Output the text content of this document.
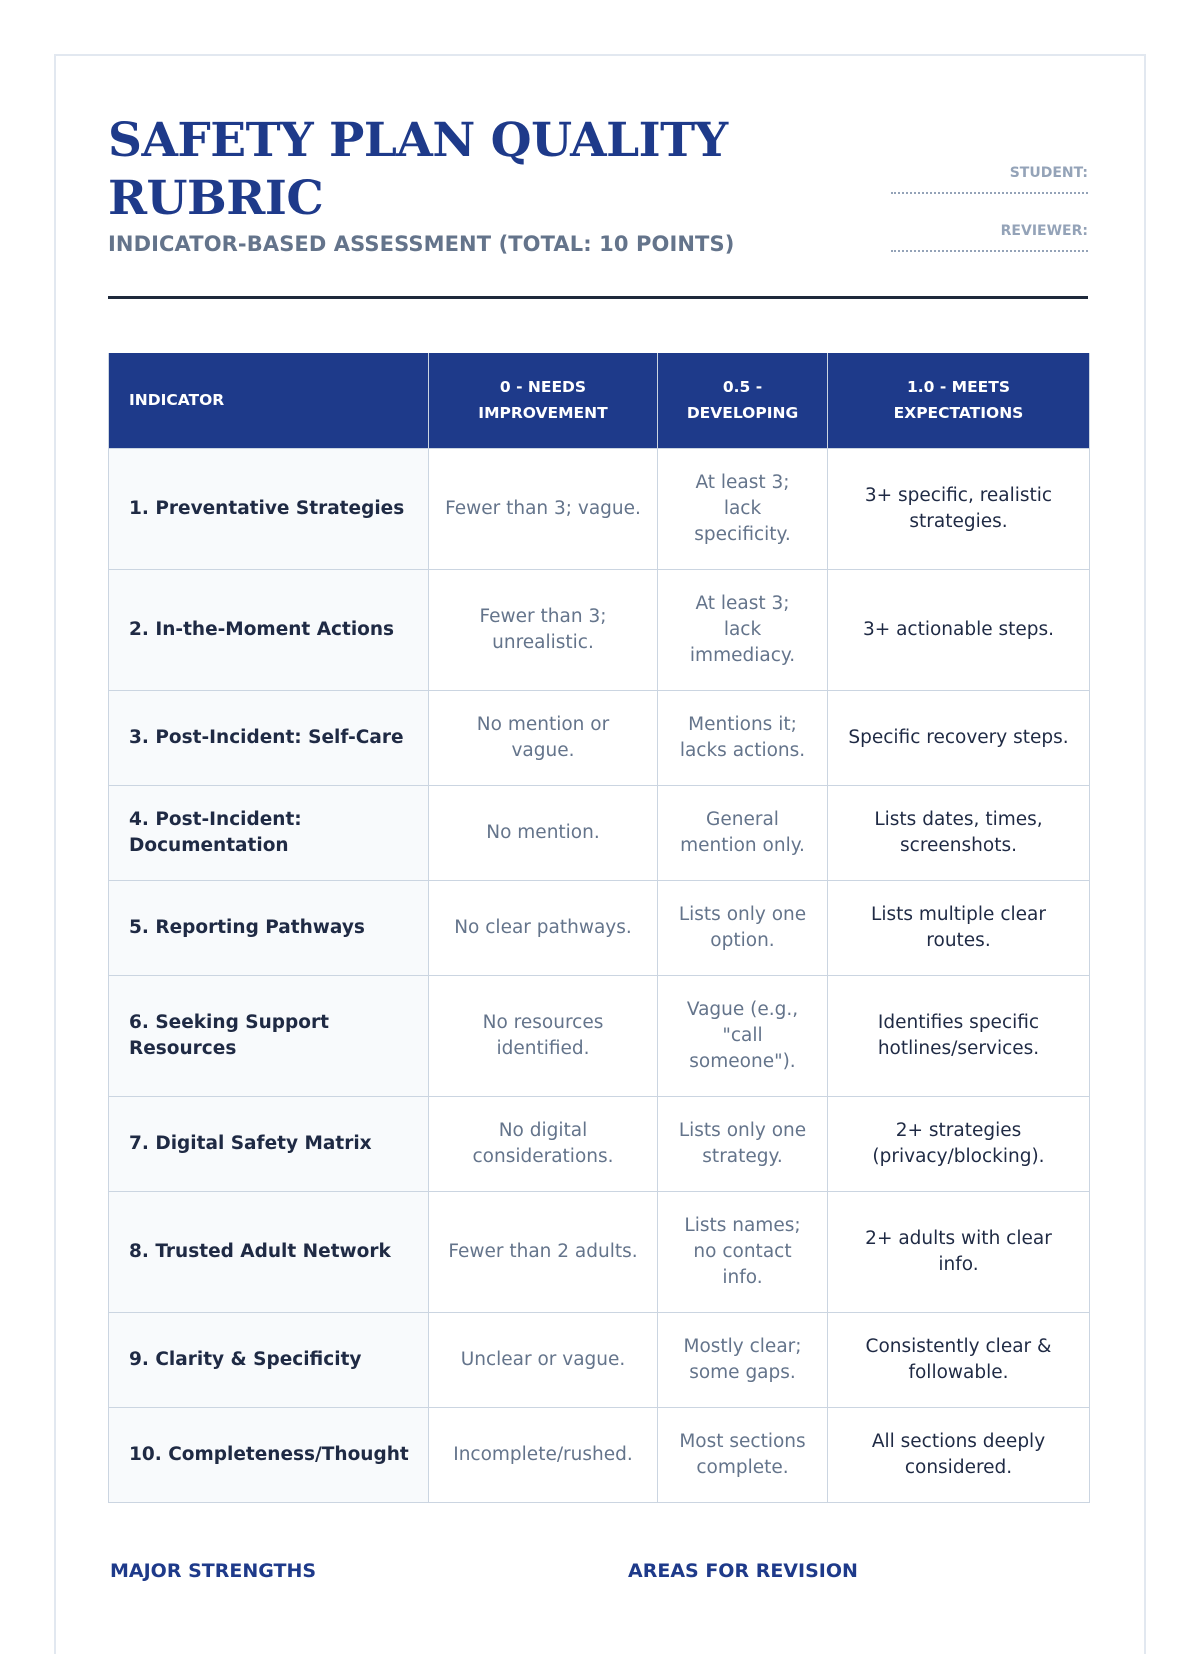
SAFETY PLAN QUALITY RUBRIC
INDICATOR-BASED ASSESSMENT (TOTAL: 10 POINTS)
STUDENT:
REVIEWER:
INDICATOR	0 - NEEDS IMPROVEMENT	0.5 - DEVELOPING	1.0 - MEETS EXPECTATIONS
1. Preventative Strategies	Fewer than 3; vague.	At least 3; lack specificity.	3+ specific, realistic strategies.
2. In-the-Moment Actions	Fewer than 3; unrealistic.	At least 3; lack immediacy.	3+ actionable steps.
3. Post-Incident: Self-Care	No mention or vague.	Mentions it; lacks actions.	Specific recovery steps.
4. Post-Incident: Documentation	No mention.	General mention only.	Lists dates, times, screenshots.
5. Reporting Pathways	No clear pathways.	Lists only one option.	Lists multiple clear routes.
6. Seeking Support Resources	No resources identified.	Vague (e.g., "call someone").	Identifies specific hotlines/services.
7. Digital Safety Matrix	No digital considerations.	Lists only one strategy.	2+ strategies (privacy/blocking).
8. Trusted Adult Network	Fewer than 2 adults.	Lists names; no contact info.	2+ adults with clear info.
9. Clarity & Specificity	Unclear or vague.	Mostly clear; some gaps.	Consistently clear & followable.
10. Completeness/Thought	Incomplete/rushed.	Most sections complete.	All sections deeply considered.
MAJOR STRENGTHS	AREAS FOR REVISION
